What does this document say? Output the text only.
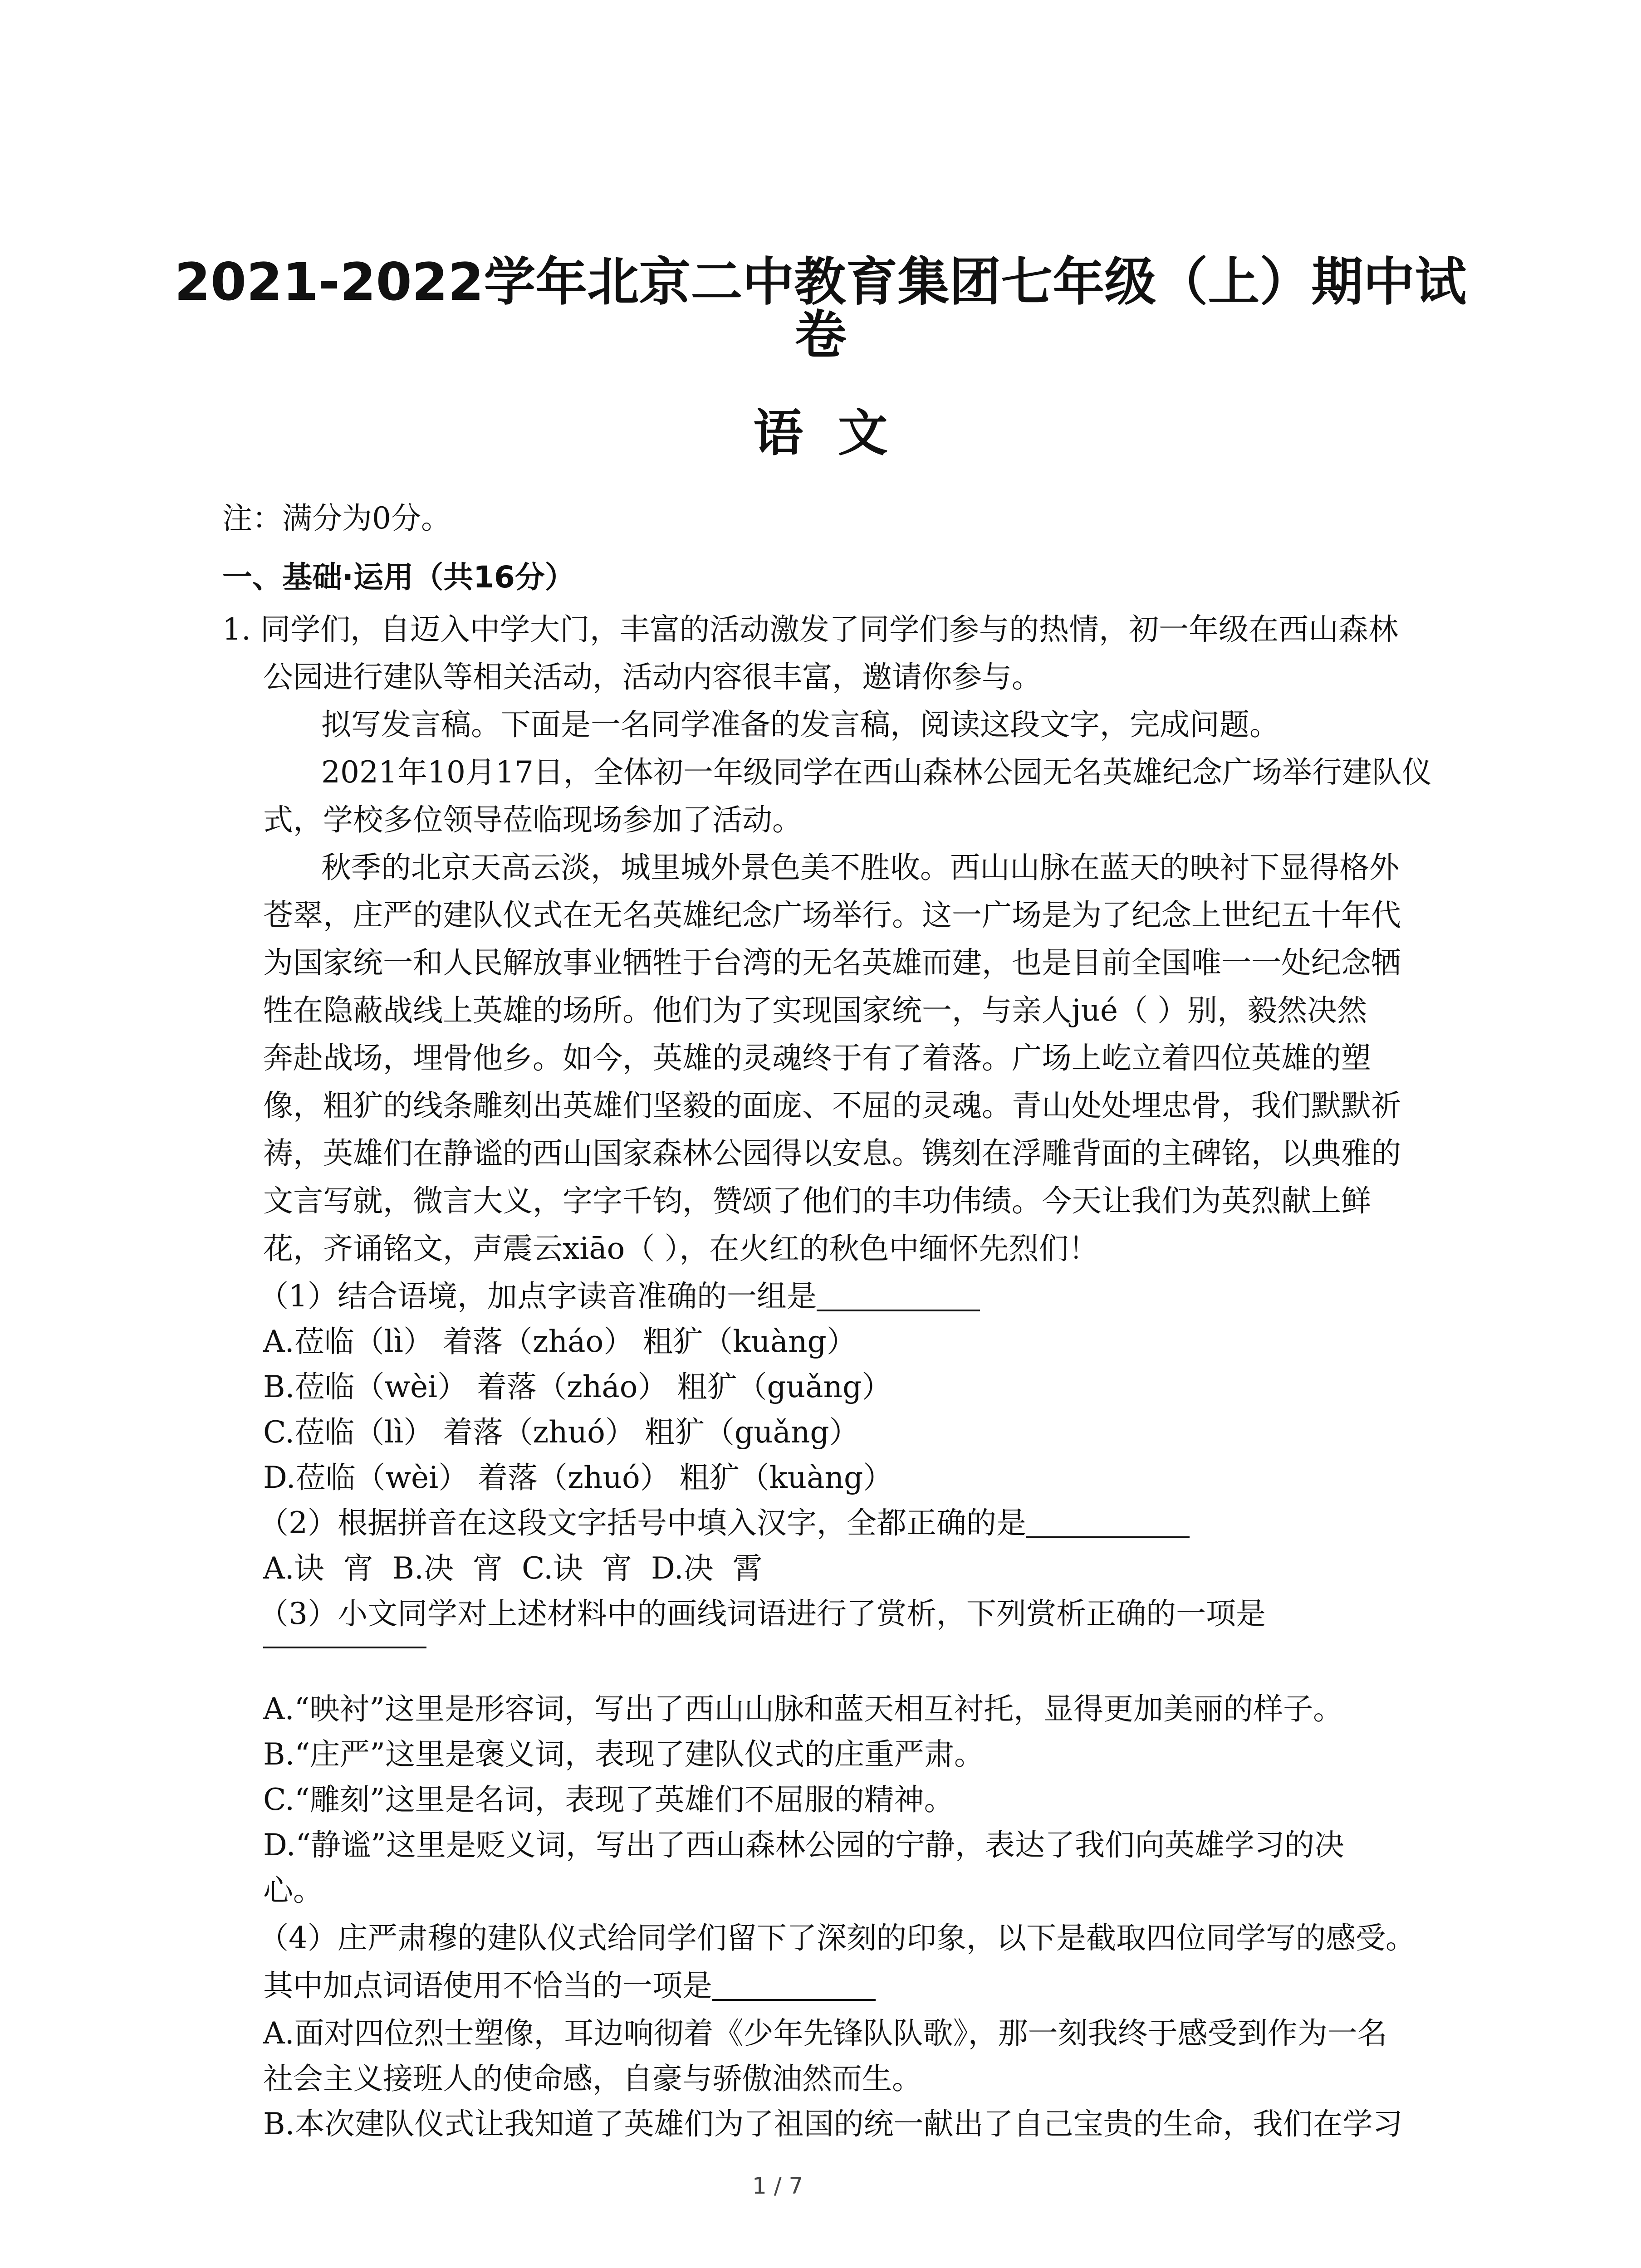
2021-2022学年北京二中教育集团七年级（上）期中试
卷
语  文
注：满分为0分。
一、基础·运用（共16分）
1. 同学们，自迈入中学大门，丰富的活动激发了同学们参与的热情，初一年级在西山森林
公园进行建队等相关活动，活动内容很丰富，邀请你参与。
拟写发言稿。下面是一名同学准备的发言稿，阅读这段文字，完成问题。
2021年10月17日，全体初一年级同学在西山森林公园无名英雄纪念广场举行建队仪
式，学校多位领导莅临现场参加了活动。
秋季的北京天高云淡，城里城外景色美不胜收。西山山脉在蓝天的映衬下显得格外
苍翠，庄严的建队仪式在无名英雄纪念广场举行。这一广场是为了纪念上世纪五十年代
为国家统一和人民解放事业牺牲于台湾的无名英雄而建，也是目前全国唯一一处纪念牺
牲在隐蔽战线上英雄的场所。他们为了实现国家统一，与亲人jué（ ）别，毅然决然
奔赴战场，埋骨他乡。如今，英雄的灵魂终于有了着落。广场上屹立着四位英雄的塑
像，粗犷的线条雕刻出英雄们坚毅的面庞、不屈的灵魂。青山处处埋忠骨，我们默默祈
祷，英雄们在静谧的西山国家森林公园得以安息。镌刻在浮雕背面的主碑铭，以典雅的
文言写就，微言大义，字字千钧，赞颂了他们的丰功伟绩。今天让我们为英烈献上鲜
花，齐诵铭文，声震云xiāo（ ），在火红的秋色中缅怀先烈们！
（1）结合语境，加点字读音准确的一组是
A.莅临（lì） 着落（zháo） 粗犷（kuàng）
B.莅临（wèi） 着落（zháo） 粗犷（guǎng）
C.莅临（lì） 着落（zhuó） 粗犷（guǎng）
D.莅临（wèi） 着落（zhuó） 粗犷（kuàng）
（2）根据拼音在这段文字括号中填入汉字，全都正确的是
A.诀  宵  B.决  宵  C.诀  宵  D.决  霄
（3）小文同学对上述材料中的画线词语进行了赏析，下列赏析正确的一项是
A.“映衬”这里是形容词，写出了西山山脉和蓝天相互衬托，显得更加美丽的样子。
B.“庄严”这里是褒义词，表现了建队仪式的庄重严肃。
C.“雕刻”这里是名词，表现了英雄们不屈服的精神。
D.“静谧”这里是贬义词，写出了西山森林公园的宁静，表达了我们向英雄学习的决
心。
（4）庄严肃穆的建队仪式给同学们留下了深刻的印象，以下是截取四位同学写的感受。
其中加点词语使用不恰当的一项是
A.面对四位烈士塑像，耳边响彻着《少年先锋队队歌》，那一刻我终于感受到作为一名
社会主义接班人的使命感，自豪与骄傲油然而生。
B.本次建队仪式让我知道了英雄们为了祖国的统一献出了自己宝贵的生命，我们在学习
1 / 7
